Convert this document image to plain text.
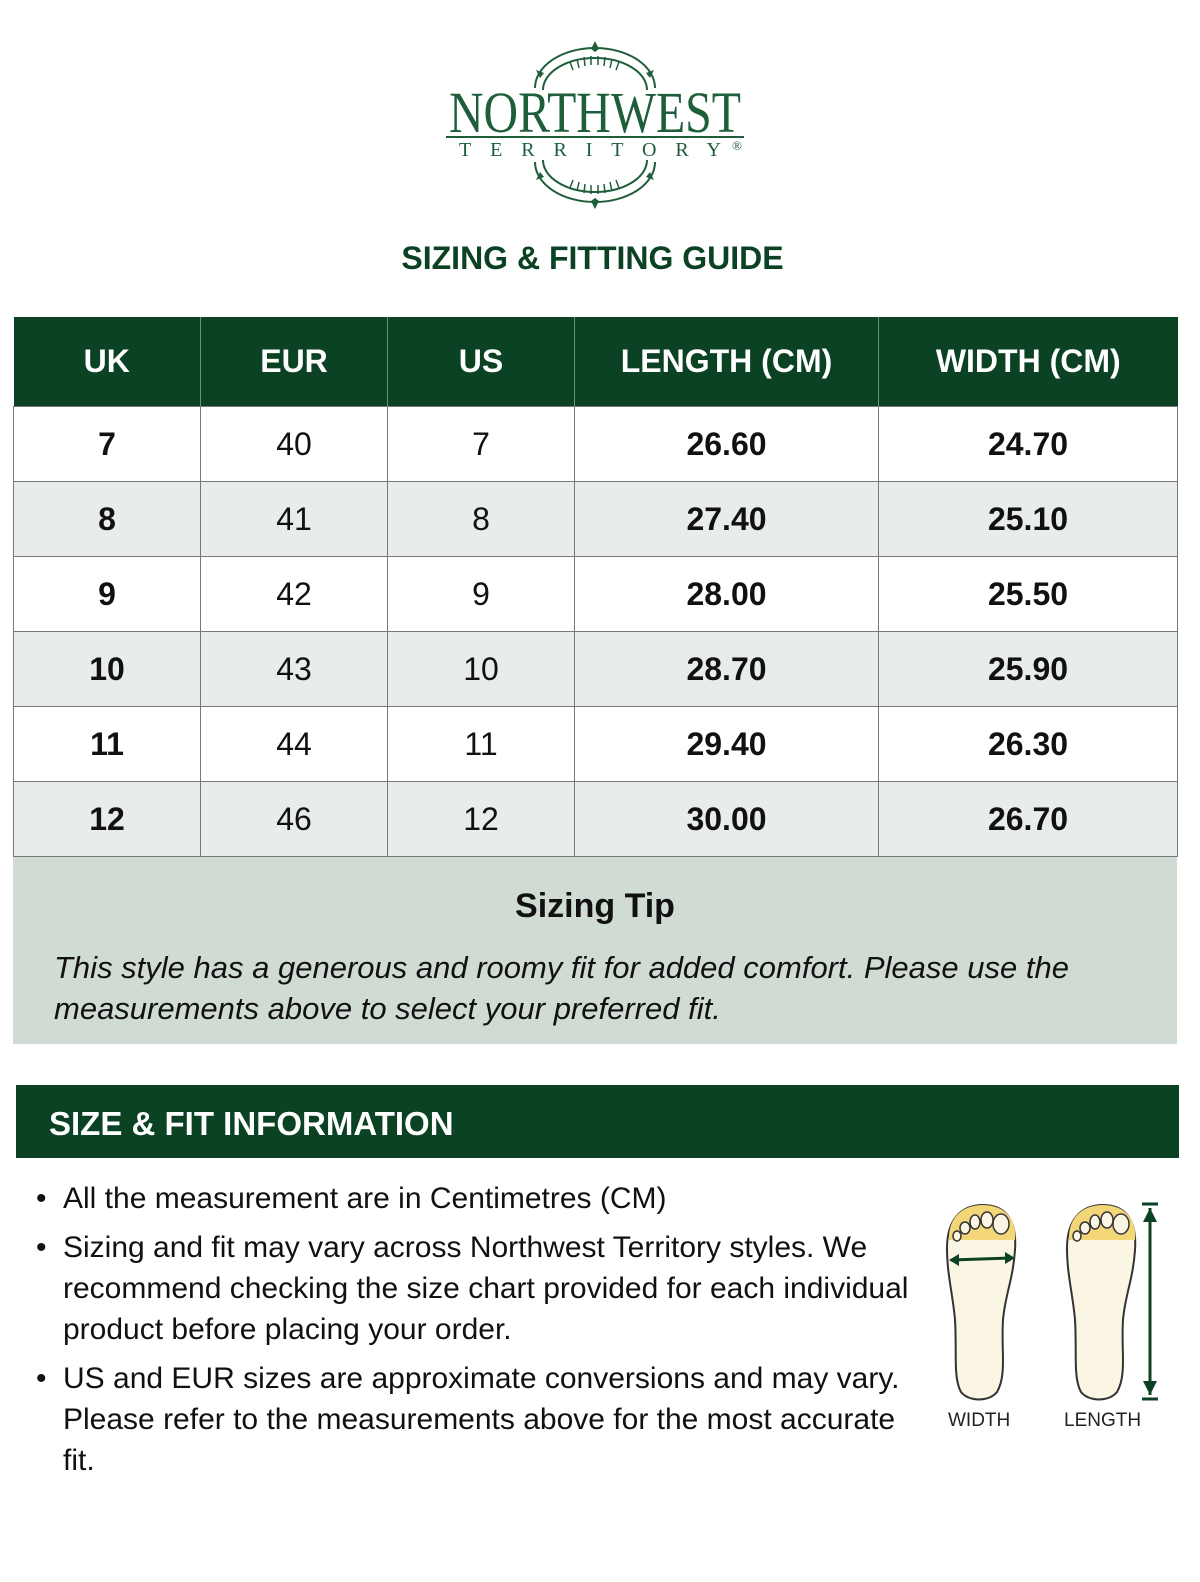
NORTHWEST
TERRITORY ®
SIZING & FITTING GUIDE
UK	EUR	US	LENGTH (CM)	WIDTH (CM)
7	40	7	26.60	24.70
8	41	8	27.40	25.10
9	42	9	28.00	25.50
10	43	10	28.70	25.90
11	44	11	29.40	26.30
12	46	12	30.00	26.70
Sizing Tip
This style has a generous and roomy fit for added comfort. Please use the measurements above to select your preferred fit.
SIZE & FIT INFORMATION
• All the measurement are in Centimetres (CM)
• Sizing and fit may vary across Northwest Territory styles. We recommend checking the size chart provided for each individual product before placing your order.
• US and EUR sizes are approximate conversions and may vary. Please refer to the measurements above for the most accurate fit.
WIDTH	LENGTH
